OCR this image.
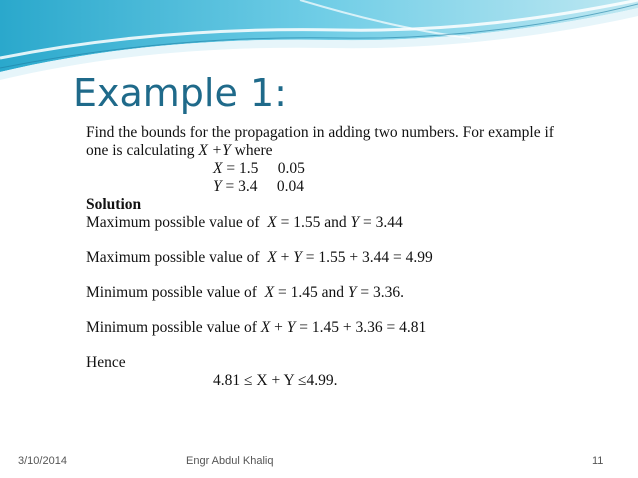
Example 1:
Find the bounds for the propagation in adding two numbers. For example if
one is calculating X +Y where
X = 1.5     0.05
Y = 3.4     0.04
Solution
Maximum possible value of  X = 1.55 and Y = 3.44
Maximum possible value of  X + Y = 1.55 + 3.44 = 4.99
Minimum possible value of  X = 1.45 and Y = 3.36.
Minimum possible value of X + Y = 1.45 + 3.36 = 4.81
Hence
4.81 ≤ X + Y ≤4.99.
3/10/2014	Engr Abdul Khaliq	11
